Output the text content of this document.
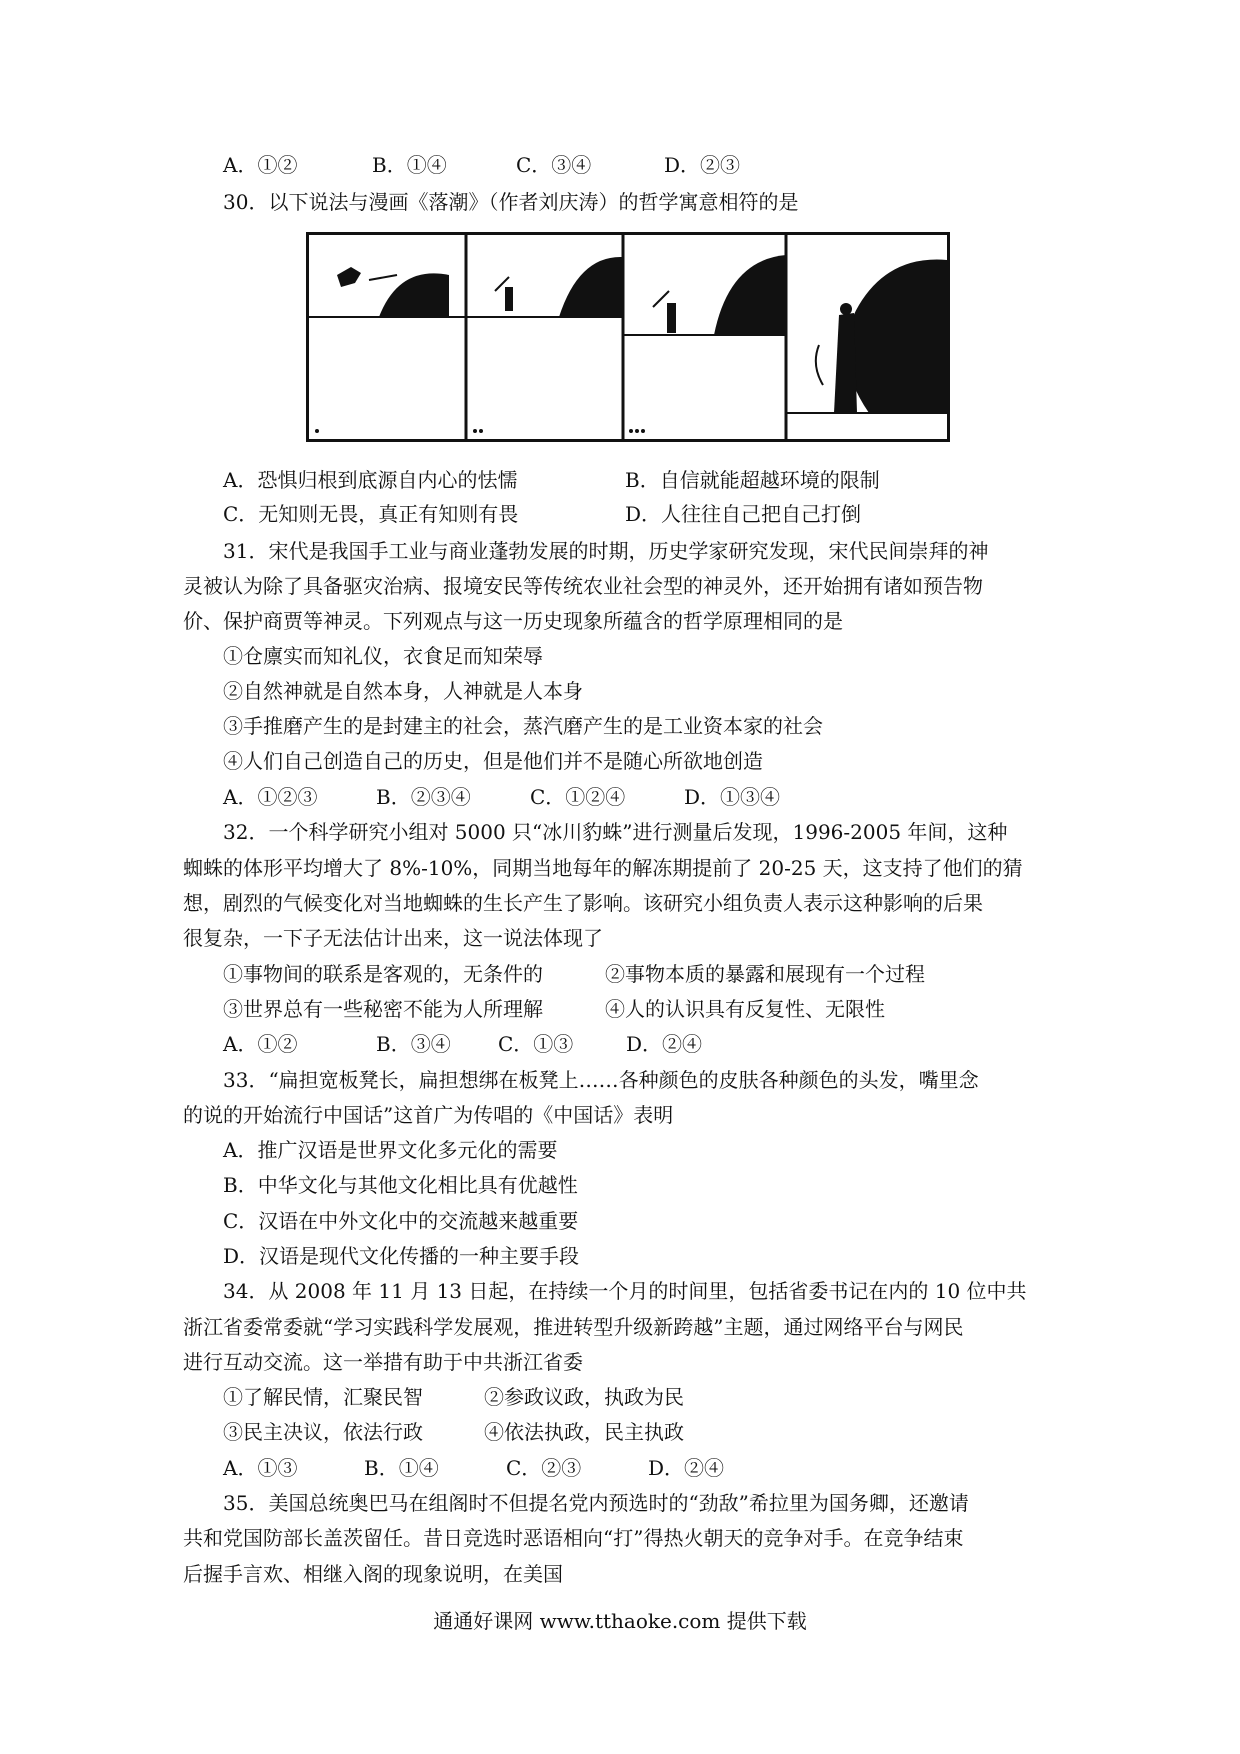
A．①②	B．①④	C．③④	D．②③
30．以下说法与漫画《落潮》（作者刘庆涛）的哲学寓意相符的是
A．恐惧归根到底源自内心的怯懦	B．自信就能超越环境的限制
C．无知则无畏，真正有知则有畏	D．人往往自己把自己打倒
31．宋代是我国手工业与商业蓬勃发展的时期，历史学家研究发现，宋代民间崇拜的神
灵被认为除了具备驱灾治病、报境安民等传统农业社会型的神灵外，还开始拥有诸如预告物
价、保护商贾等神灵。下列观点与这一历史现象所蕴含的哲学原理相同的是
①仓廪实而知礼仪，衣食足而知荣辱
②自然神就是自然本身，人神就是人本身
③手推磨产生的是封建主的社会，蒸汽磨产生的是工业资本家的社会
④人们自己创造自己的历史，但是他们并不是随心所欲地创造
A．①②③	B．②③④	C．①②④	D．①③④
32．一个科学研究小组对 5000 只“冰川豹蛛”进行测量后发现，1996-2005 年间，这种
蜘蛛的体形平均增大了 8%-10%，同期当地每年的解冻期提前了 20-25 天，这支持了他们的猜
想，剧烈的气候变化对当地蜘蛛的生长产生了影响。该研究小组负责人表示这种影响的后果
很复杂，一下子无法估计出来，这一说法体现了
①事物间的联系是客观的，无条件的	②事物本质的暴露和展现有一个过程
③世界总有一些秘密不能为人所理解	④人的认识具有反复性、无限性
A．①②	B．③④ C．①③	D．②④
33．“扁担宽板凳长，扁担想绑在板凳上……各种颜色的皮肤各种颜色的头发，嘴里念
的说的开始流行中国话”这首广为传唱的《中国话》表明
A．推广汉语是世界文化多元化的需要
B．中华文化与其他文化相比具有优越性
C．汉语在中外文化中的交流越来越重要
D．汉语是现代文化传播的一种主要手段
34．从 2008 年 11 月 13 日起，在持续一个月的时间里，包括省委书记在内的 10 位中共
浙江省委常委就“学习实践科学发展观，推进转型升级新跨越”主题，通过网络平台与网民
进行互动交流。这一举措有助于中共浙江省委
①了解民情，汇聚民智	②参政议政，执政为民
③民主决议，依法行政	④依法执政，民主执政
A．①③	B．①④	C．②③	D．②④
35．美国总统奥巴马在组阁时不但提名党内预选时的“劲敌”希拉里为国务卿，还邀请
共和党国防部长盖茨留任。昔日竞选时恶语相向“打”得热火朝天的竞争对手。在竞争结束
后握手言欢、相继入阁的现象说明，在美国
通通好课网 www.tthaoke.com 提供下载
